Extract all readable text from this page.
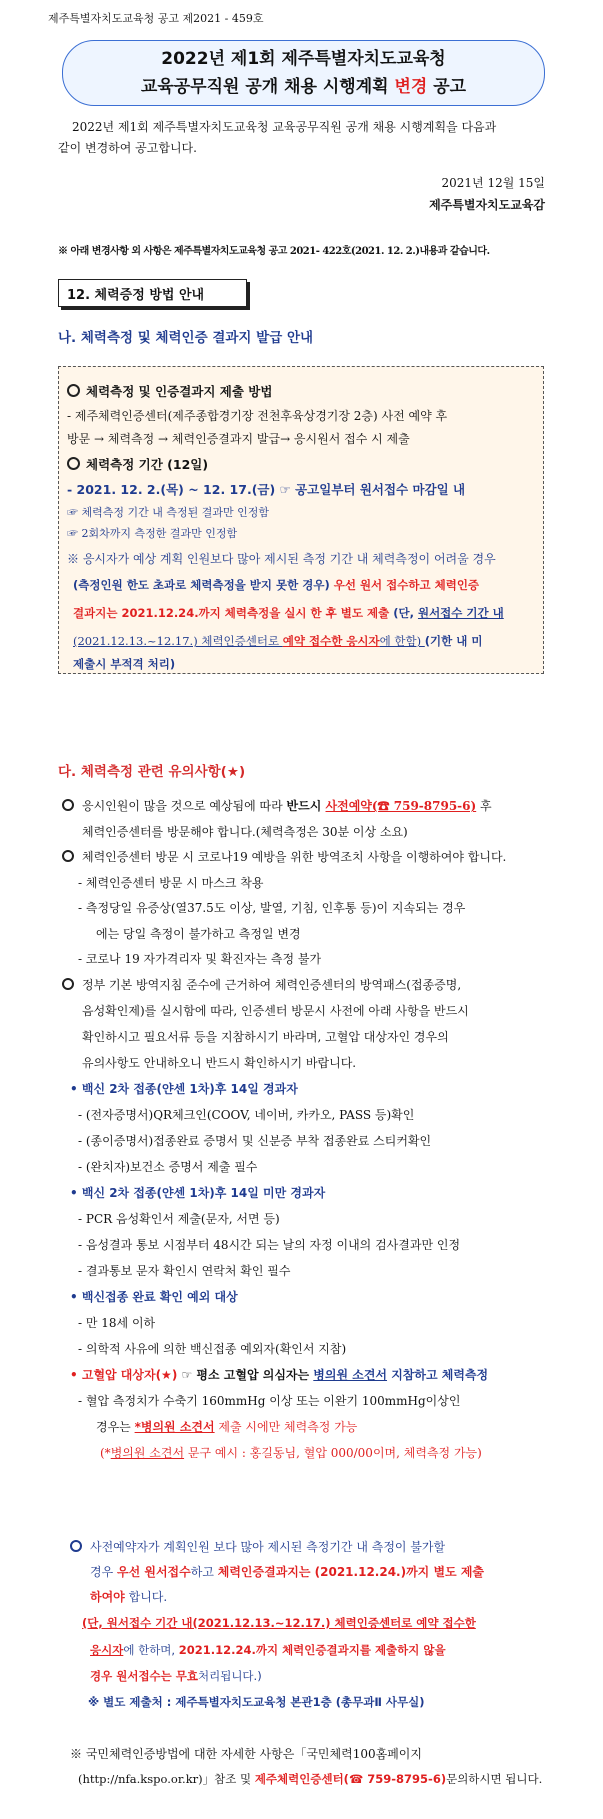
제주특별자치도교육청 공고 제2021 - 459호
2022년 제1회 제주특별자치도교육청
교육공무직원 공개 채용 시행계획 변경 공고
2022년 제1회 제주특별자치도교육청 교육공무직원 공개 채용 시행계획을 다음과
같이 변경하여 공고합니다.
2021년 12월 15일
제주특별자치도교육감
※ 아래 변경사항 외 사항은 제주특별자치도교육청 공고 2021- 422호(2021. 12. 2.)내용과 같습니다.
12. 체력증정 방법 안내
나. 체력측정 및 체력인증 결과지 발급 안내
체력측정 및 인증결과지 제출 방법
- 제주체력인증센터(제주종합경기장 전천후육상경기장 2층) 사전 예약 후
방문 → 체력측정 → 체력인증결과지 발급→ 응시원서 접수 시 제출
체력측정 기간 (12일)
- 2021. 12. 2.(목) ~ 12. 17.(금) ☞ 공고일부터 원서접수 마감일 내
☞ 체력측정 기간 내 측정된 결과만 인정함
☞ 2회차까지 측정한 결과만 인정함
※ 응시자가 예상 계획 인원보다 많아 제시된 측정 기간 내 체력측정이 어려울 경우
(측정인원 한도 초과로 체력측정을 받지 못한 경우) 우선 원서 접수하고 체력인증
결과지는 2021.12.24.까지 체력측정을 실시 한 후 별도 제출 (단, 원서접수 기간 내
(2021.12.13.~12.17.) 체력인증센터로 예약 접수한 응시자에 한함) (기한 내 미
제출시 부적격 처리)
다. 체력측정 관련 유의사항(★)
응시인원이 많을 것으로 예상됨에 따라 반드시 사전예약(☎ 759-8795-6) 후
체력인증센터를 방문해야 합니다.(체력측정은 30분 이상 소요)
체력인증센터 방문 시 코로나19 예방을 위한 방역조치 사항을 이행하여야 합니다.
- 체력인증센터 방문 시 마스크 착용
- 측정당일 유증상(열37.5도 이상, 발열, 기침, 인후통 등)이 지속되는 경우
에는 당일 측정이 불가하고 측정일 변경
- 코로나 19 자가격리자 및 확진자는 측정 불가
정부 기본 방역지침 준수에 근거하여 체력인증센터의 방역패스(접종증명,
음성확인제)를 실시함에 따라, 인증센터 방문시 사전에 아래 사항을 반드시
확인하시고 필요서류 등을 지참하시기 바라며, 고혈압 대상자인 경우의
유의사항도 안내하오니 반드시 확인하시기 바랍니다.
• 백신 2차 접종(얀센 1차)후 14일 경과자
- (전자증명서)QR체크인(COOV, 네이버, 카카오, PASS 등)확인
- (종이증명서)접종완료 증명서 및 신분증 부착 접종완료 스티커확인
- (완치자)보건소 증명서 제출 필수
• 백신 2차 접종(얀센 1차)후 14일 미만 경과자
- PCR 음성확인서 제출(문자, 서면 등)
- 음성결과 통보 시점부터 48시간 되는 날의 자정 이내의 검사결과만 인정
- 결과통보 문자 확인시 연락처 확인 필수
• 백신접종 완료 확인 예외 대상
- 만 18세 이하
- 의학적 사유에 의한 백신접종 예외자(확인서 지참)
• 고혈압 대상자(★) ☞ 평소 고혈압 의심자는 병의원 소견서 지참하고 체력측정
- 혈압 측정치가 수축기 160mmHg 이상 또는 이완기 100mmHg이상인
경우는 *병의원 소견서 제출 시에만 체력측정 가능
(*병의원 소견서 문구 예시 : 홍길동님, 혈압 000/00이며, 체력측정 가능)
사전예약자가 계획인원 보다 많아 제시된 측정기간 내 측정이 불가할
경우 우선 원서접수하고 체력인증결과지는 (2021.12.24.)까지 별도 제출
하여야 합니다.
(단, 원서접수 기간 내(2021.12.13.~12.17.) 체력인증센터로 예약 접수한
응시자에 한하며, 2021.12.24.까지 체력인증결과지를 제출하지 않을
경우 원서접수는 무효처리됩니다.)
※ 별도 제출처 : 제주특별자치도교육청 본관1층 (총무과Ⅱ 사무실)
※ 국민체력인증방법에 대한 자세한 사항은「국민체력100홈페이지
(http://nfa.kspo.or.kr)」참조 및 제주체력인증센터(☎ 759-8795-6)문의하시면 됩니다.
